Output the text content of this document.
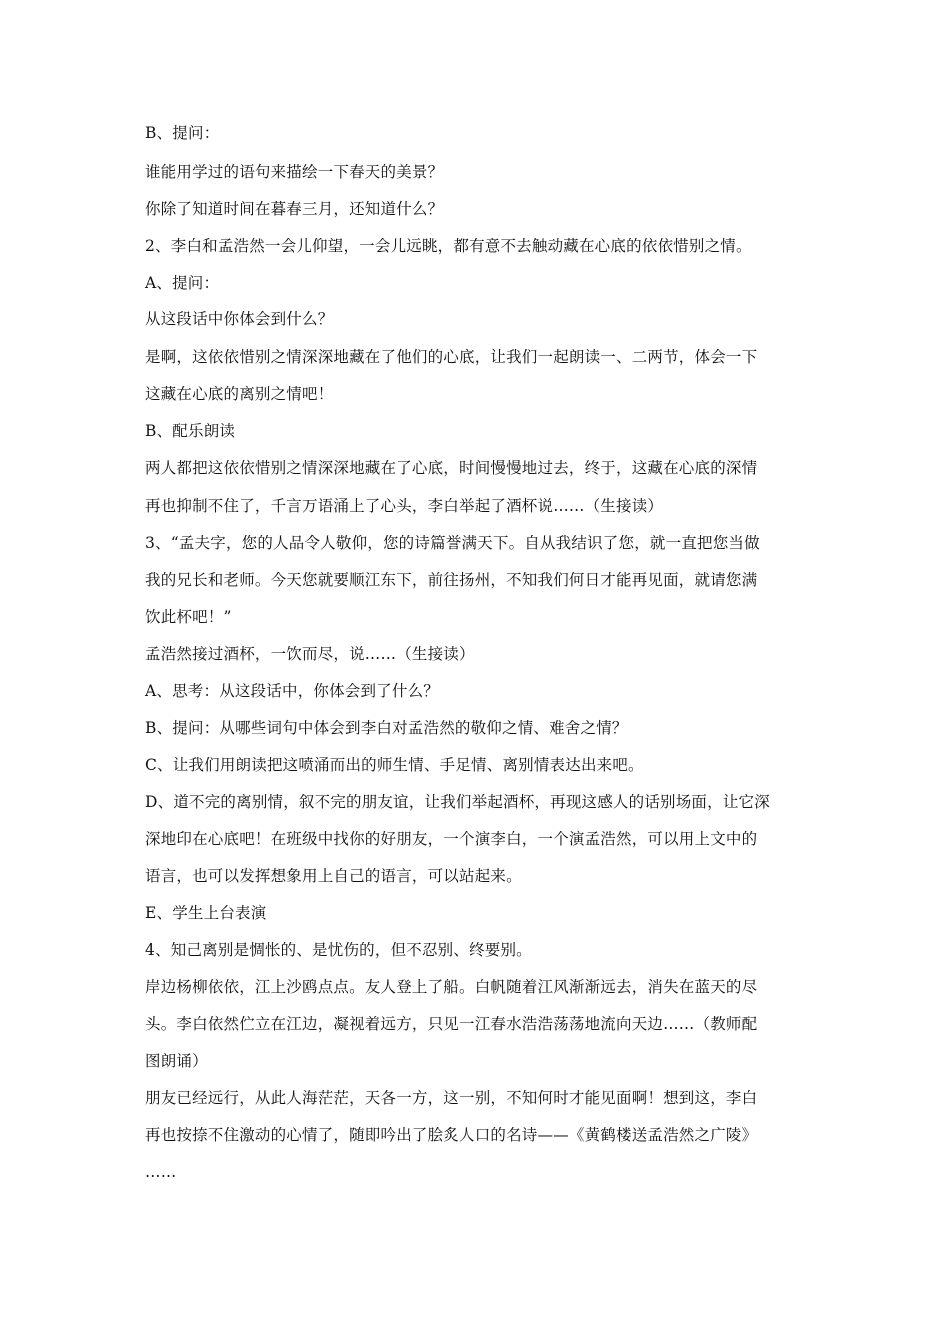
B、提问：
谁能用学过的语句来描绘一下春天的美景？
你除了知道时间在暮春三月，还知道什么？
2、李白和孟浩然一会儿仰望，一会儿远眺，都有意不去触动藏在心底的依依惜别之情。
A、提问：
从这段话中你体会到什么？
是啊，这依依惜别之情深深地藏在了他们的心底，让我们一起朗读一、二两节，体会一下
这藏在心底的离别之情吧！
B、配乐朗读
两人都把这依依惜别之情深深地藏在了心底，时间慢慢地过去，终于，这藏在心底的深情
再也抑制不住了，千言万语涌上了心头，李白举起了酒杯说……（生接读）
3、“孟夫字，您的人品令人敬仰，您的诗篇誉满天下。自从我结识了您，就一直把您当做
我的兄长和老师。今天您就要顺江东下，前往扬州，不知我们何日才能再见面，就请您满
饮此杯吧！”
孟浩然接过酒杯，一饮而尽，说……（生接读）
A、思考：从这段话中，你体会到了什么？
B、提问：从哪些词句中体会到李白对孟浩然的敬仰之情、难舍之情？
C、让我们用朗读把这喷涌而出的师生情、手足情、离别情表达出来吧。
D、道不完的离别情，叙不完的朋友谊，让我们举起酒杯，再现这感人的话别场面，让它深
深地印在心底吧！在班级中找你的好朋友，一个演李白，一个演孟浩然，可以用上文中的
语言，也可以发挥想象用上自己的语言，可以站起来。
E、学生上台表演
4、知己离别是惆怅的、是忧伤的，但不忍别、终要别。
岸边杨柳依依，江上沙鸥点点。友人登上了船。白帆随着江风渐渐远去，消失在蓝天的尽
头。李白依然伫立在江边，凝视着远方，只见一江春水浩浩荡荡地流向天边……（教师配
图朗诵）
朋友已经远行，从此人海茫茫，天各一方，这一别，不知何时才能见面啊！想到这，李白
再也按捺不住激动的心情了，随即吟出了脍炙人口的名诗——《黄鹤楼送孟浩然之广陵》
……
